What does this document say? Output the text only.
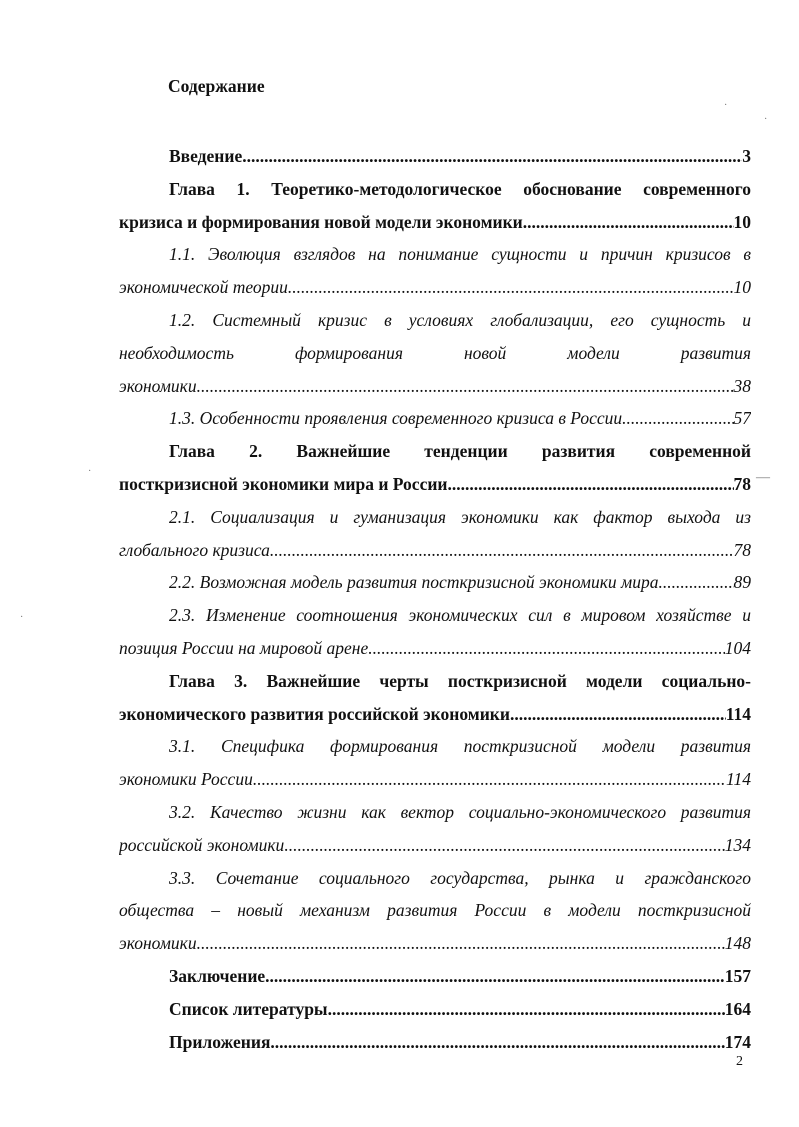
Содержание
Введение .....	3
Глава 1. Теоретико-методологическое обоснование современного
кризиса и формирования новой модели экономики .....	10
1.1. Эволюция взглядов на понимание сущности и причин кризисов в
экономической теории .....	10
1.2. Системный кризис в условиях глобализации, его сущность и
необходимость формирования новой модели развития
экономики .....	38
1.3. Особенности проявления современного кризиса в России .....	57
Глава 2. Важнейшие тенденции развития современной
посткризисной экономики мира и России .....	78
2.1. Социализация и гуманизация экономики как фактор выхода из
глобального кризиса .....	78
2.2. Возможная модель развития посткризисной экономики мира .....	89
2.3. Изменение соотношения экономических сил в мировом хозяйстве и
позиция России на мировой арене .....	104
Глава 3. Важнейшие черты посткризисной модели социально-
экономического развития российской экономики .....	114
3.1. Специфика формирования посткризисной модели развития
экономики России .....	114
3.2. Качество жизни как вектор социально-экономического развития
российской экономики .....	134
3.3. Сочетание социального государства, рынка и гражданского
общества – новый механизм развития России в модели посткризисной
экономики .....	148
Заключение .....	157
Список литературы .....	164
Приложения .....	174
2
·
·
·
·
—
